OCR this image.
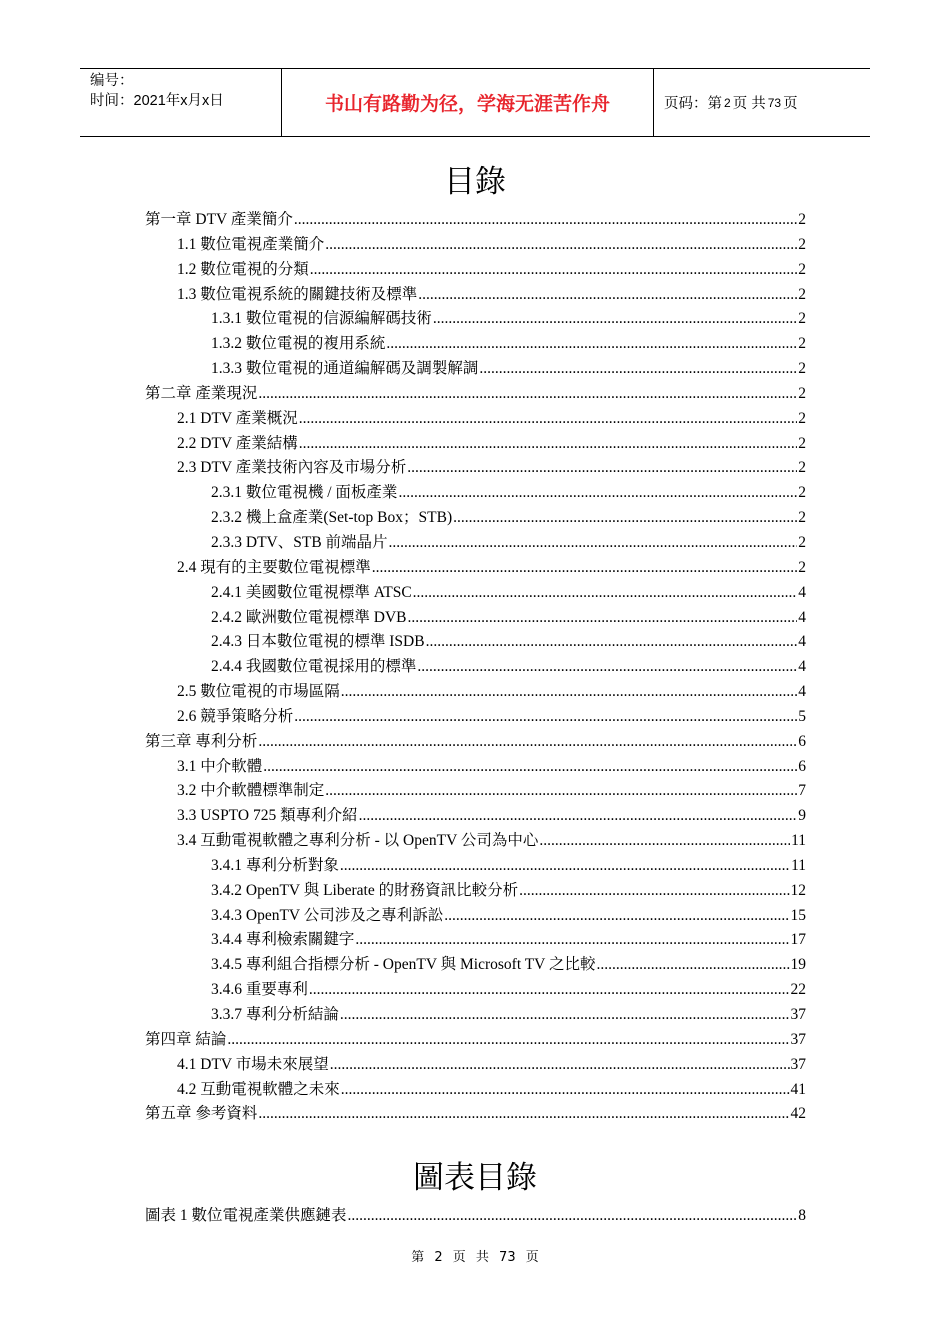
编号：
时间：2021年x月x日	书山有路勤为径，学海无涯苦作舟	页码：第 2 页 共 73 页
目錄
第一章 DTV 產業簡介 .....	2
1.1 數位電視產業簡介 .....	2
1.2 數位電視的分類 .....	2
1.3 數位電視系統的關鍵技術及標準 .....	2
1.3.1 數位電視的信源編解碼技術 .....	2
1.3.2 數位電視的複用系統 .....	2
1.3.3 數位電視的通道編解碼及調製解調 .....	2
第二章 產業現況 .....	2
2.1 DTV 產業概況 .....	2
2.2 DTV 產業結構 .....	2
2.3 DTV 產業技術內容及市場分析 .....	2
2.3.1 數位電視機 / 面板產業 .....	2
2.3.2 機上盒產業(Set-top Box；STB) .....	2
2.3.3 DTV、STB 前端晶片 .....	2
2.4 現有的主要數位電視標準 .....	2
2.4.1 美國數位電視標準 ATSC .....	4
2.4.2 歐洲數位電視標準 DVB .....	4
2.4.3 日本數位電視的標準 ISDB .....	4
2.4.4 我國數位電視採用的標準 .....	4
2.5 數位電視的市場區隔 .....	4
2.6 競爭策略分析 .....	5
第三章 專利分析 .....	6
3.1 中介軟體 .....	6
3.2 中介軟體標準制定 .....	7
3.3 USPTO 725 類專利介紹 .....	9
3.4 互動電視軟體之專利分析 - 以 OpenTV 公司為中心 .....	11
3.4.1 專利分析對象 .....	11
3.4.2 OpenTV 與 Liberate 的財務資訊比較分析 .....	12
3.4.3 OpenTV 公司涉及之專利訴訟 .....	15
3.4.4 專利檢索關鍵字 .....	17
3.4.5 專利組合指標分析 - OpenTV 與 Microsoft TV 之比較 .....	19
3.4.6 重要專利 .....	22
3.3.7 專利分析結論 .....	37
第四章 結論 .....	37
4.1 DTV 市場未來展望 .....	37
4.2 互動電視軟體之未來 .....	41
第五章 參考資料 .....	42
圖表目錄
圖表 1 數位電視產業供應鏈表 .....	8
第 2 页 共 73 页
